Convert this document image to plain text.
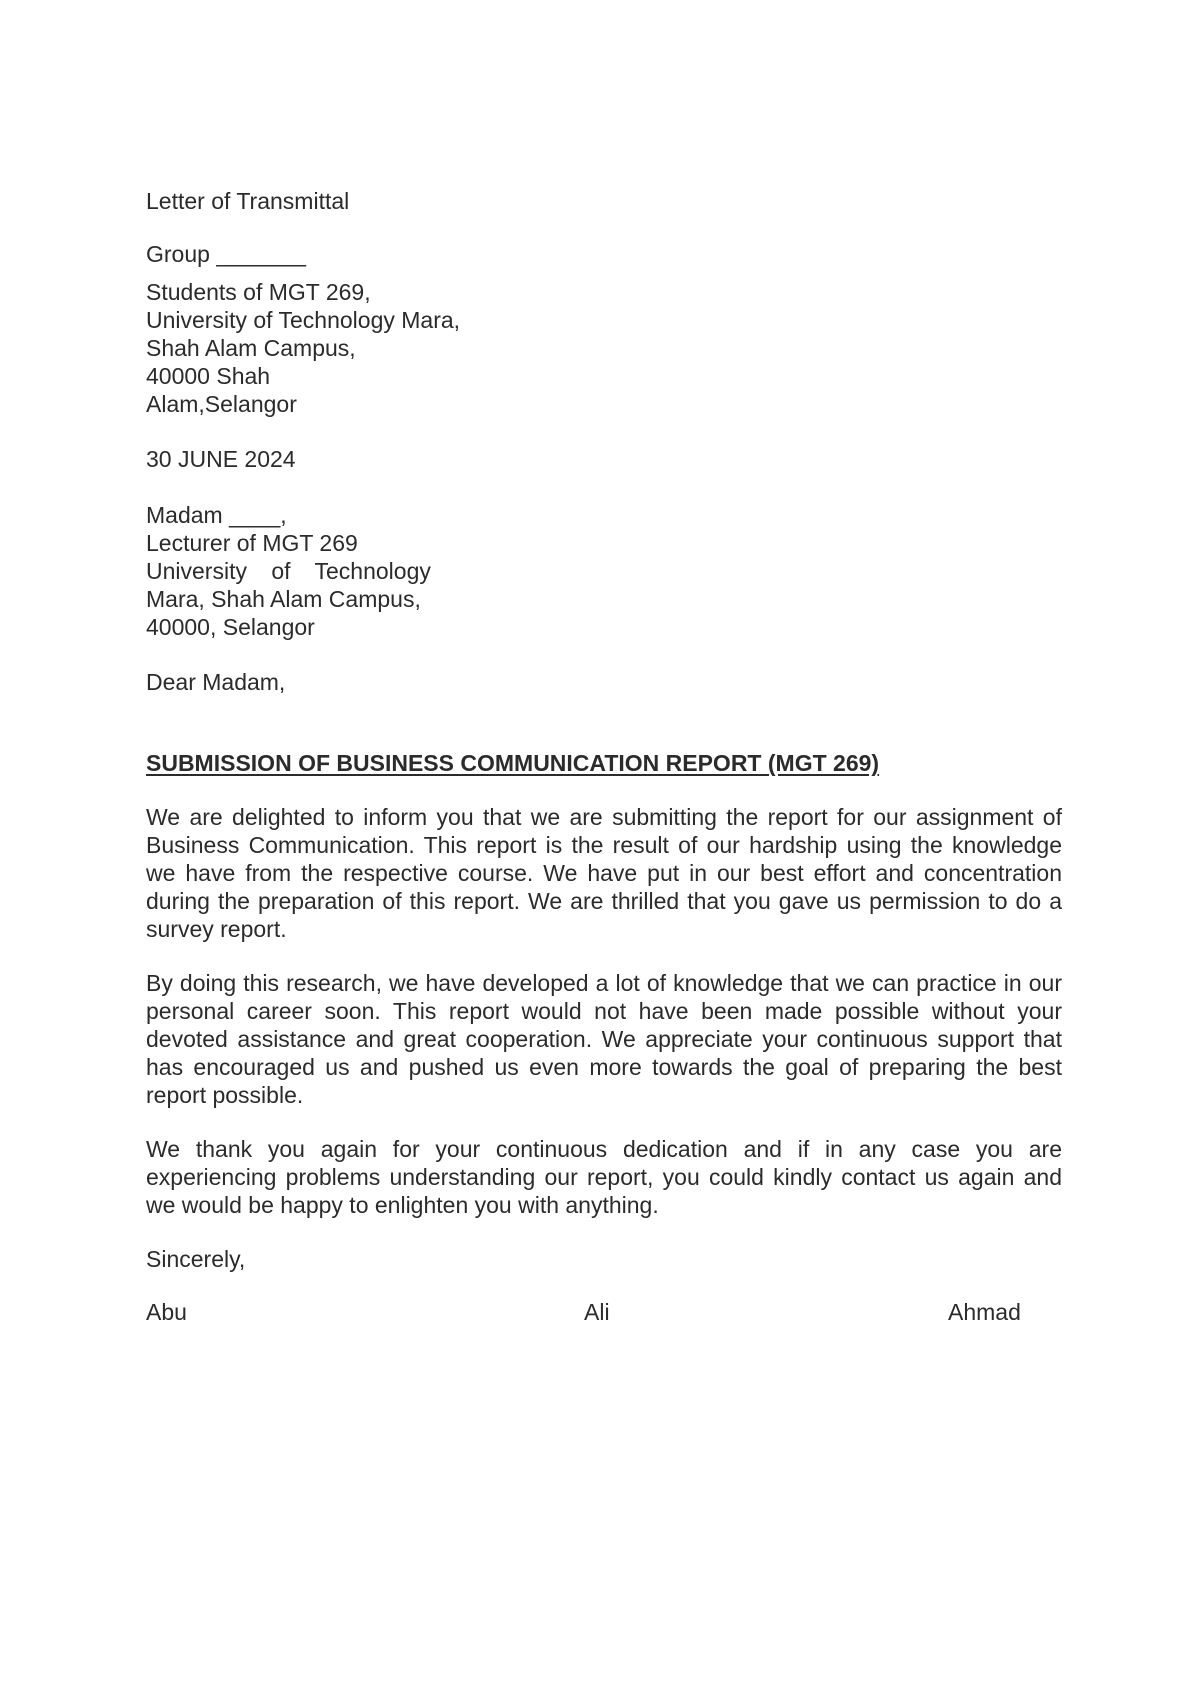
Letter of Transmittal
Group _______
Students of MGT 269,
University of Technology Mara,
Shah Alam Campus,
40000 Shah
Alam,Selangor
30 JUNE 2024
Madam ____,
Lecturer of MGT 269
University of Technology
Mara, Shah Alam Campus,
40000, Selangor
Dear Madam,
SUBMISSION OF BUSINESS COMMUNICATION REPORT (MGT 269)

We are delighted to inform you that we are submitting the report for our assignment of Business Communication. This report is the result of our hardship using the knowledge we have from the respective course. We have put in our best effort and concentration during the preparation of this report. We are thrilled that you gave us permission to do a survey report.

By doing this research, we have developed a lot of knowledge that we can practice in our personal career soon. This report would not have been made possible without your devoted assistance and great cooperation. We appreciate your continuous support that has encouraged us and pushed us even more towards the goal of preparing the best report possible.

We thank you again for your continuous dedication and if in any case you are experiencing problems understanding our report, you could kindly contact us again and we would be happy to enlighten you with anything.

Sincerely,
Abu	Ali	Ahmad
